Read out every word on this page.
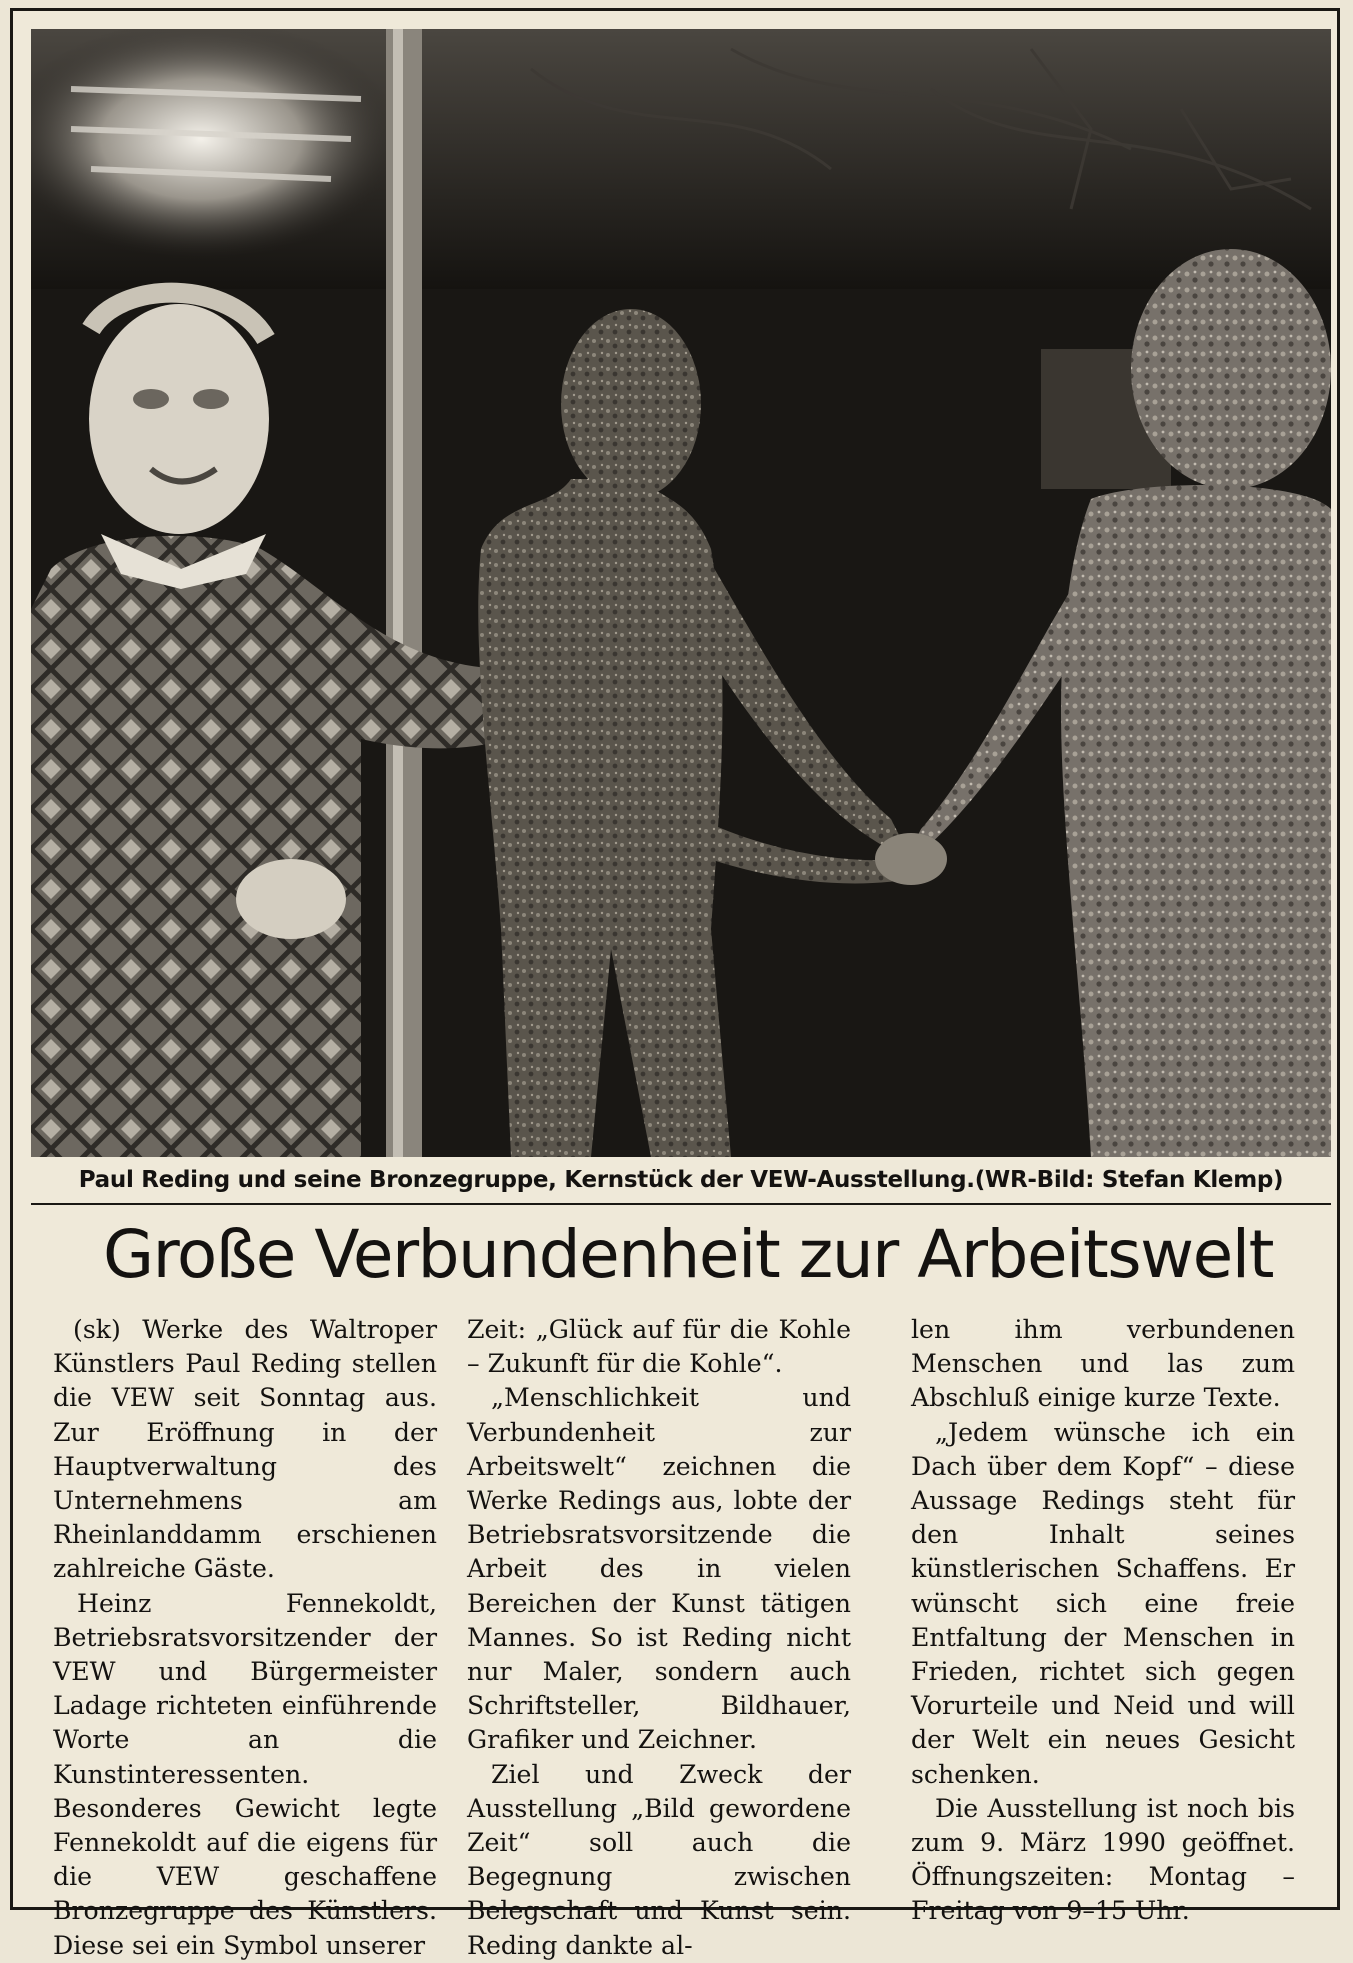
Paul Reding und seine Bronzegruppe, Kernstück der VEW-Ausstellung.(WR-Bild: Stefan Klemp)
Große Verbundenheit zur Arbeitswelt

(sk) Werke des Waltroper Künstlers Paul Reding stellen die VEW seit Sonntag aus. Zur Eröffnung in der Hauptverwaltung des Unternehmens am Rheinlanddamm erschienen zahlreiche Gäste.

Heinz Fennekoldt, Betriebsratsvorsitzender der VEW und Bürgermeister Ladage richteten einführende Worte an die Kunstinteressenten. Besonderes Gewicht legte Fennekoldt auf die eigens für die VEW geschaffene Bronzegruppe des Künstlers. Diese sei ein Symbol unserer

Zeit: „Glück auf für die Kohle – Zukunft für die Kohle“.

„Menschlichkeit und Verbundenheit zur Arbeitswelt“ zeichnen die Werke Redings aus, lobte der Betriebsratsvorsitzende die Arbeit des in vielen Bereichen der Kunst tätigen Mannes. So ist Reding nicht nur Maler, sondern auch Schriftsteller, Bildhauer, Grafiker und Zeichner.

Ziel und Zweck der Ausstellung „Bild gewordene Zeit“ soll auch die Begegnung zwischen Belegschaft und Kunst sein. Reding dankte al-

len ihm verbundenen Menschen und las zum Abschluß einige kurze Texte.

„Jedem wünsche ich ein Dach über dem Kopf“ – diese Aussage Redings steht für den Inhalt seines künstlerischen Schaffens. Er wünscht sich eine freie Entfaltung der Menschen in Frieden, richtet sich gegen Vorurteile und Neid und will der Welt ein neues Gesicht schenken.

Die Ausstellung ist noch bis zum 9. März 1990 geöffnet. Öffnungszeiten: Montag – Freitag von 9–15 Uhr.
